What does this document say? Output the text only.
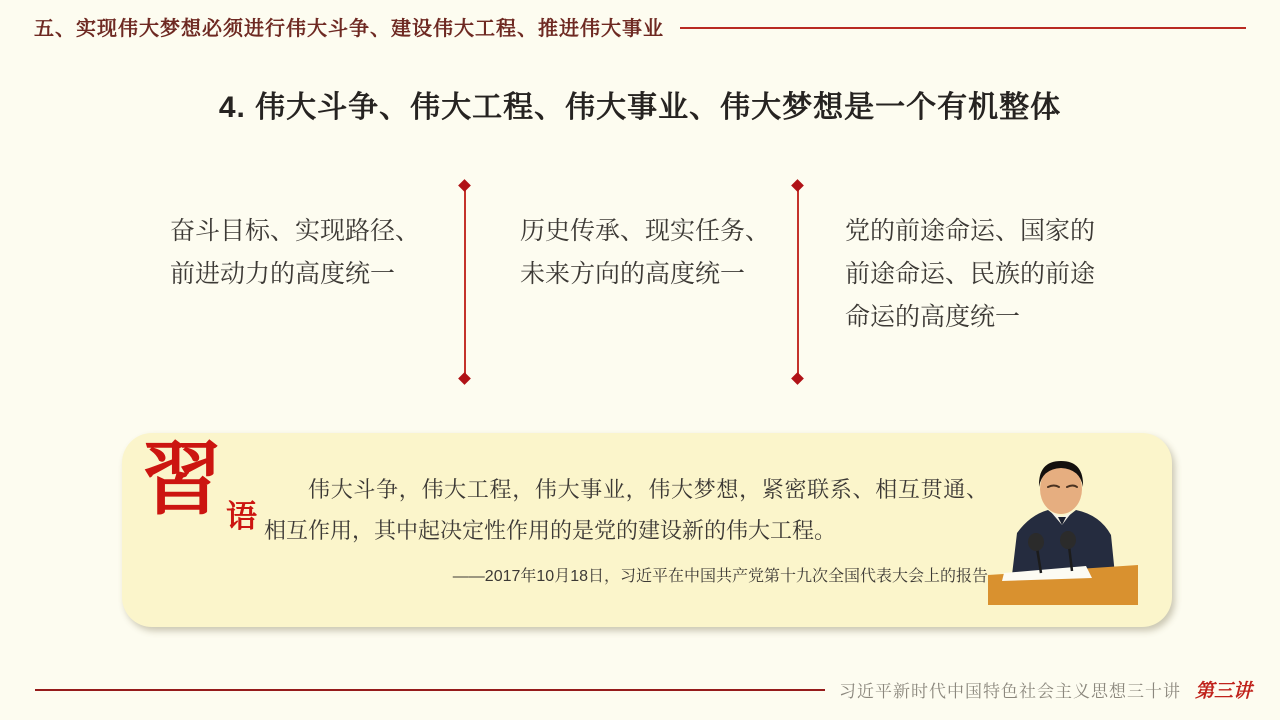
五、实现伟大梦想必须进行伟大斗争、建设伟大工程、推进伟大事业
4. 伟大斗争、伟大工程、伟大事业、伟大梦想是一个有机整体
奋斗目标、实现路径、前进动力的高度统一
历史传承、现实任务、未来方向的高度统一
党的前途命运、国家的前途命运、民族的前途命运的高度统一
習 语
伟大斗争，伟大工程，伟大事业，伟大梦想，紧密联系、相互贯通、相互作用，其中起决定性作用的是党的建设新的伟大工程。
——2017年10月18日，习近平在中国共产党第十九次全国代表大会上的报告
习近平新时代中国特色社会主义思想三十讲 第三讲
